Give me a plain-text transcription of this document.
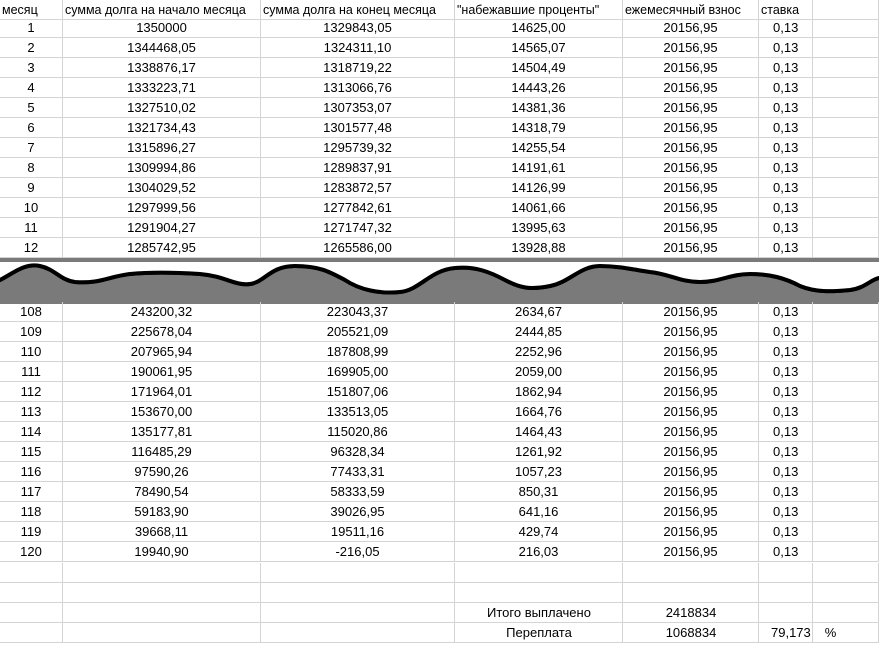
месяц	сумма долга на начало месяца	сумма долга на конец месяца	"набежавшие проценты"	ежемесячный взнос	ставка
1	1350000	1329843,05	14625,00	20156,95	0,13
2	1344468,05	1324311,10	14565,07	20156,95	0,13
3	1338876,17	1318719,22	14504,49	20156,95	0,13
4	1333223,71	1313066,76	14443,26	20156,95	0,13
5	1327510,02	1307353,07	14381,36	20156,95	0,13
6	1321734,43	1301577,48	14318,79	20156,95	0,13
7	1315896,27	1295739,32	14255,54	20156,95	0,13
8	1309994,86	1289837,91	14191,61	20156,95	0,13
9	1304029,52	1283872,57	14126,99	20156,95	0,13
10	1297999,56	1277842,61	14061,66	20156,95	0,13
11	1291904,27	1271747,32	13995,63	20156,95	0,13
12	1285742,95	1265586,00	13928,88	20156,95	0,13
108	243200,32	223043,37	2634,67	20156,95	0,13
109	225678,04	205521,09	2444,85	20156,95	0,13
110	207965,94	187808,99	2252,96	20156,95	0,13
111	190061,95	169905,00	2059,00	20156,95	0,13
112	171964,01	151807,06	1862,94	20156,95	0,13
113	153670,00	133513,05	1664,76	20156,95	0,13
114	135177,81	115020,86	1464,43	20156,95	0,13
115	116485,29	96328,34	1261,92	20156,95	0,13
116	97590,26	77433,31	1057,23	20156,95	0,13
117	78490,54	58333,59	850,31	20156,95	0,13
118	59183,90	39026,95	641,16	20156,95	0,13
119	39668,11	19511,16	429,74	20156,95	0,13
120	19940,90	-216,05	216,03	20156,95	0,13
Итого выплачено	2418834
Переплата	1068834	79,173 %
